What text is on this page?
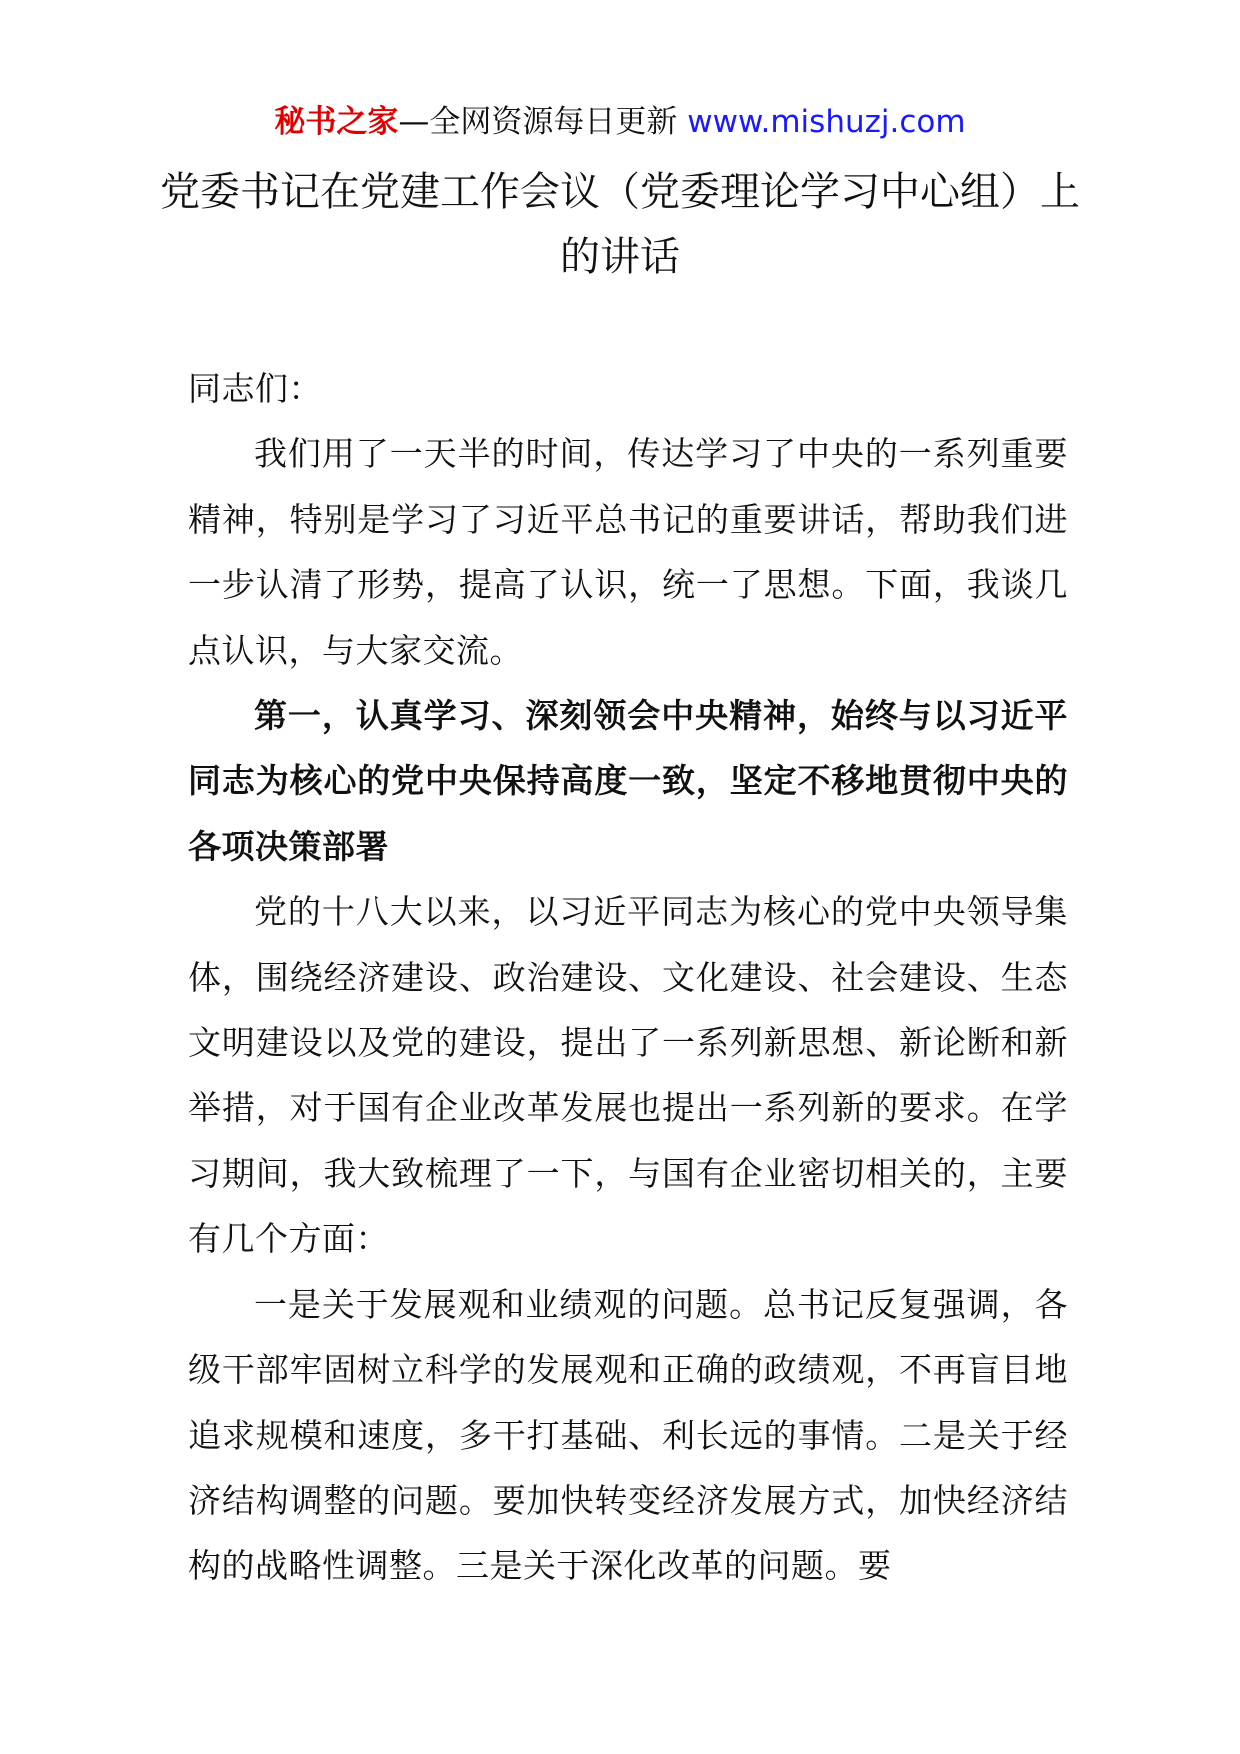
秘书之家—全网资源每日更新 www.mishuzj.com
党委书记在党建工作会议（党委理论学习中心组）上的讲话

同志们：

我们用了一天半的时间，传达学习了中央的一系列重要精神，特别是学习了习近平总书记的重要讲话，帮助我们进一步认清了形势，提高了认识，统一了思想。下面，我谈几点认识，与大家交流。

第一，认真学习、深刻领会中央精神，始终与以习近平同志为核心的党中央保持高度一致，坚定不移地贯彻中央的各项决策部署

党的十八大以来，以习近平同志为核心的党中央领导集体，围绕经济建设、政治建设、文化建设、社会建设、生态文明建设以及党的建设，提出了一系列新思想、新论断和新举措，对于国有企业改革发展也提出一系列新的要求。在学习期间，我大致梳理了一下，与国有企业密切相关的，主要有几个方面：

一是关于发展观和业绩观的问题。总书记反复强调，各级干部牢固树立科学的发展观和正确的政绩观，不再盲目地追求规模和速度，多干打基础、利长远的事情。二是关于经济结构调整的问题。要加快转变经济发展方式，加快经济结构的战略性调整。三是关于深化改革的问题。要
